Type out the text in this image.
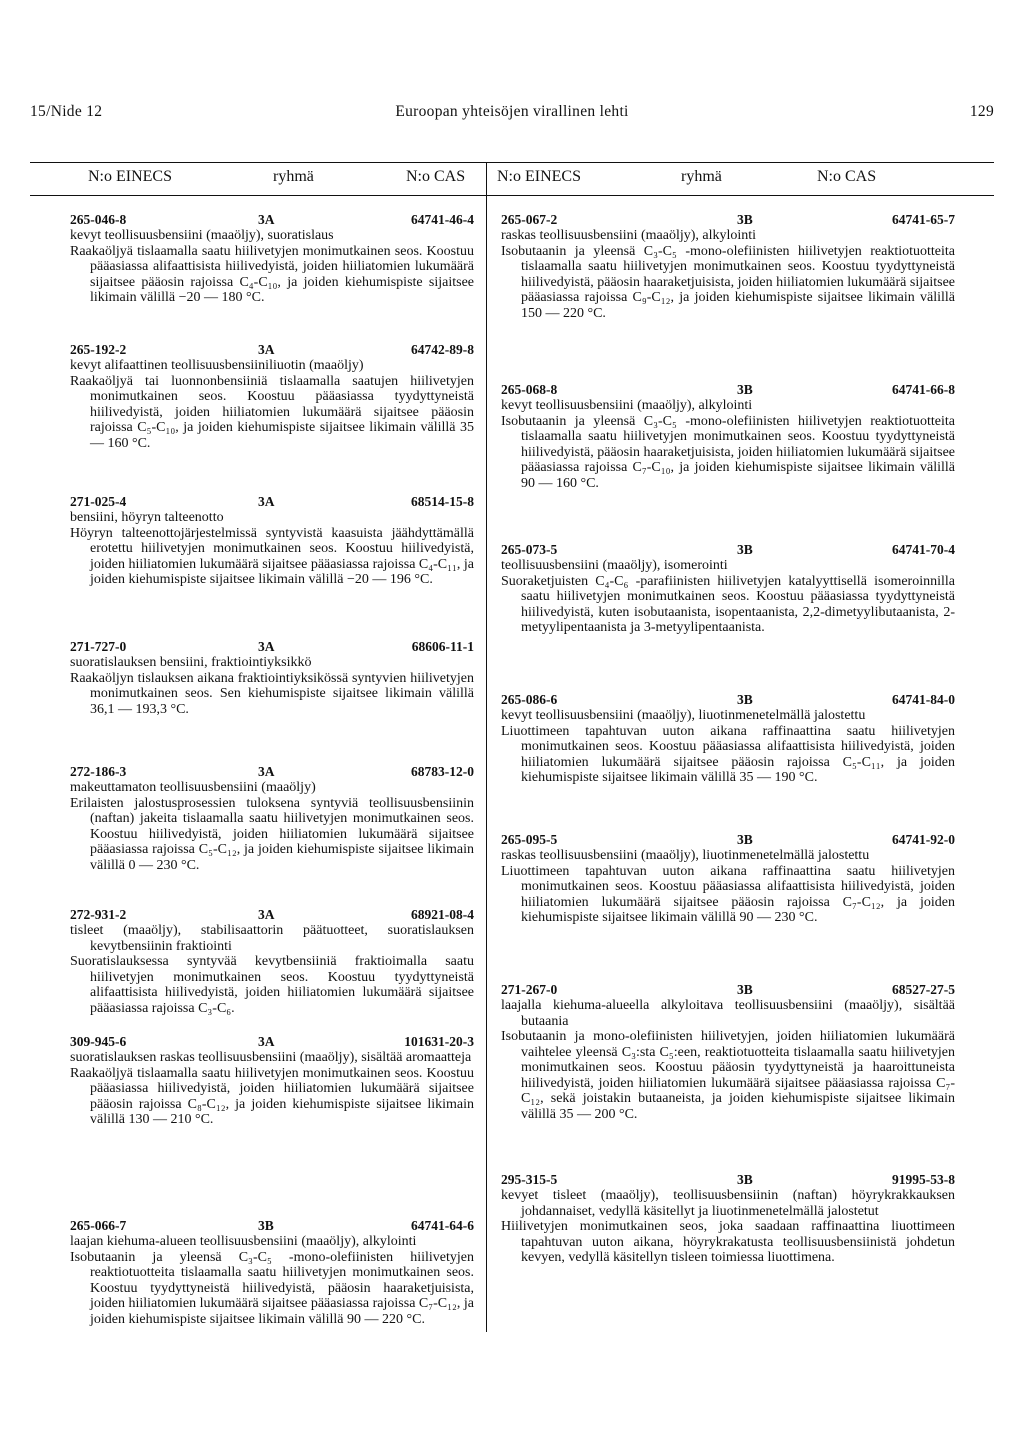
15/Nide 12	Euroopan yhteisöjen virallinen lehti	129
N:o EINECS	ryhmä	N:o CAS N:o EINECS	ryhmä	N:o CAS
265-046-8	3A	64741-46-4
kevyt teollisuusbensiini (maaöljy), suoratislaus
Raakaöljyä tislaamalla saatu hiilivetyjen monimutkainen seos. Koostuu pääasiassa alifaattisista hiilivedyistä, joiden hiiliatomien lukumäärä sijaitsee pääosin rajoissa C₄-C₁₀, ja joiden kiehumispiste sijaitsee likimain välillä −20 — 180 °C.
265-192-2	3A	64742-89-8
kevyt alifaattinen teollisuusbensiiniliuotin (maaöljy)
Raakaöljyä tai luonnonbensiiniä tislaamalla saatujen hiilivetyjen monimutkainen seos. Koostuu pääasiassa tyydyttyneistä hiilivedyistä, joiden hiiliatomien lukumäärä sijaitsee pääosin rajoissa C₅-C₁₀, ja joiden kiehumispiste sijaitsee likimain välillä 35 — 160 °C.
271-025-4	3A	68514-15-8
bensiini, höyryn talteenotto
Höyryn talteenottojärjestelmissä syntyvistä kaasuista jäähdyttämällä erotettu hiilivetyjen monimutkainen seos. Koostuu hiilivedyistä, joiden hiiliatomien lukumäärä sijaitsee pääasiassa rajoissa C₄-C₁₁, ja joiden kiehumispiste sijaitsee likimain välillä −20 — 196 °C.
271-727-0	3A	68606-11-1
suoratislauksen bensiini, fraktiointiyksikkö
Raakaöljyn tislauksen aikana fraktiointiyksikössä syntyvien hiilivetyjen monimutkainen seos. Sen kiehumispiste sijaitsee likimain välillä 36,1 — 193,3 °C.
272-186-3	3A	68783-12-0
makeuttamaton teollisuusbensiini (maaöljy)
Erilaisten jalostusprosessien tuloksena syntyviä teollisuusbensiinin (naftan) jakeita tislaamalla saatu hiilivetyjen monimutkainen seos. Koostuu hiilivedyistä, joiden hiiliatomien lukumäärä sijaitsee pääasiassa rajoissa C₅-C₁₂, ja joiden kiehumispiste sijaitsee likimain välillä 0 — 230 °C.
272-931-2	3A	68921-08-4
tisleet (maaöljy), stabilisaattorin päätuotteet, suoratislauksen kevytbensiinin fraktiointi
Suoratislauksessa syntyvää kevytbensiiniä fraktioimalla saatu hiilivetyjen monimutkainen seos. Koostuu tyydyttyneistä alifaattisista hiilivedyistä, joiden hiiliatomien lukumäärä sijaitsee pääasiassa rajoissa C₃-C₆.
309-945-6	3A	101631-20-3
suoratislauksen raskas teollisuusbensiini (maaöljy), sisältää aromaatteja
Raakaöljyä tislaamalla saatu hiilivetyjen monimutkainen seos. Koostuu pääasiassa hiilivedyistä, joiden hiiliatomien lukumäärä sijaitsee pääosin rajoissa C₈-C₁₂, ja joiden kiehumispiste sijaitsee likimain välillä 130 — 210 °C.
265-066-7	3B	64741-64-6
laajan kiehuma-alueen teollisuusbensiini (maaöljy), alkylointi
Isobutaanin ja yleensä C₃-C₅ -mono-olefiinisten hiilivetyjen reaktiotuotteita tislaamalla saatu hiilivetyjen monimutkainen seos. Koostuu tyydyttyneistä hiilivedyistä, pääosin haaraketjuisista, joiden hiiliatomien lukumäärä sijaitsee pääasiassa rajoissa C₇-C₁₂, ja joiden kiehumispiste sijaitsee likimain välillä 90 — 220 °C.
265-067-2	3B	64741-65-7
raskas teollisuusbensiini (maaöljy), alkylointi
Isobutaanin ja yleensä C₃-C₅ -mono-olefiinisten hiilivetyjen reaktiotuotteita tislaamalla saatu hiilivetyjen monimutkainen seos. Koostuu tyydyttyneistä hiilivedyistä, pääosin haaraketjuisista, joiden hiiliatomien lukumäärä sijaitsee pääasiassa rajoissa C₉-C₁₂, ja joiden kiehumispiste sijaitsee likimain välillä 150 — 220 °C.
265-068-8	3B	64741-66-8
kevyt teollisuusbensiini (maaöljy), alkylointi
Isobutaanin ja yleensä C₃-C₅ -mono-olefiinisten hiilivetyjen reaktiotuotteita tislaamalla saatu hiilivetyjen monimutkainen seos. Koostuu tyydyttyneistä hiilivedyistä, pääosin haaraketjuisista, joiden hiiliatomien lukumäärä sijaitsee pääasiassa rajoissa C₇-C₁₀, ja joiden kiehumispiste sijaitsee likimain välillä 90 — 160 °C.
265-073-5	3B	64741-70-4
teollisuusbensiini (maaöljy), isomerointi
Suoraketjuisten C₄-C₆ -parafiinisten hiilivetyjen katalyyttisellä isomeroinnilla saatu hiilivetyjen monimutkainen seos. Koostuu pääasiassa tyydyttyneistä hiilivedyistä, kuten isobutaanista, isopentaanista, 2,2-dimetyylibutaanista, 2-metyylipentaanista ja 3-metyylipentaanista.
265-086-6	3B	64741-84-0
kevyt teollisuusbensiini (maaöljy), liuotinmenetelmällä jalostettu
Liuottimeen tapahtuvan uuton aikana raffinaattina saatu hiilivetyjen monimutkainen seos. Koostuu pääasiassa alifaattisista hiilivedyistä, joiden hiiliatomien lukumäärä sijaitsee pääosin rajoissa C₅-C₁₁, ja joiden kiehumispiste sijaitsee likimain välillä 35 — 190 °C.
265-095-5	3B	64741-92-0
raskas teollisuusbensiini (maaöljy), liuotinmenetelmällä jalostettu
Liuottimeen tapahtuvan uuton aikana raffinaattina saatu hiilivetyjen monimutkainen seos. Koostuu pääasiassa alifaattisista hiilivedyistä, joiden hiiliatomien lukumäärä sijaitsee pääosin rajoissa C₇-C₁₂, ja joiden kiehumispiste sijaitsee likimain välillä 90 — 230 °C.
271-267-0	3B	68527-27-5
laajalla kiehuma-alueella alkyloitava teollisuusbensiini (maaöljy), sisältää butaania
Isobutaanin ja mono-olefiinisten hiilivetyjen, joiden hiiliatomien lukumäärä vaihtelee yleensä C₃:sta C₅:een, reaktiotuotteita tislaamalla saatu hiilivetyjen monimutkainen seos. Koostuu pääosin tyydyttyneistä ja haaroittuneista hiilivedyistä, joiden hiiliatomien lukumäärä sijaitsee pääasiassa rajoissa C₇-C₁₂, sekä joistakin butaaneista, ja joiden kiehumispiste sijaitsee likimain välillä 35 — 200 °C.
295-315-5	3B	91995-53-8
kevyet tisleet (maaöljy), teollisuusbensiinin (naftan) höyrykrakkauksen johdannaiset, vedyllä käsitellyt ja liuotinmenetelmällä jalostetut
Hiilivetyjen monimutkainen seos, joka saadaan raffinaattina liuottimeen tapahtuvan uuton aikana, höyrykrakatusta teollisuusbensiinistä johdetun kevyen, vedyllä käsitellyn tisleen toimiessa liuottimena.
